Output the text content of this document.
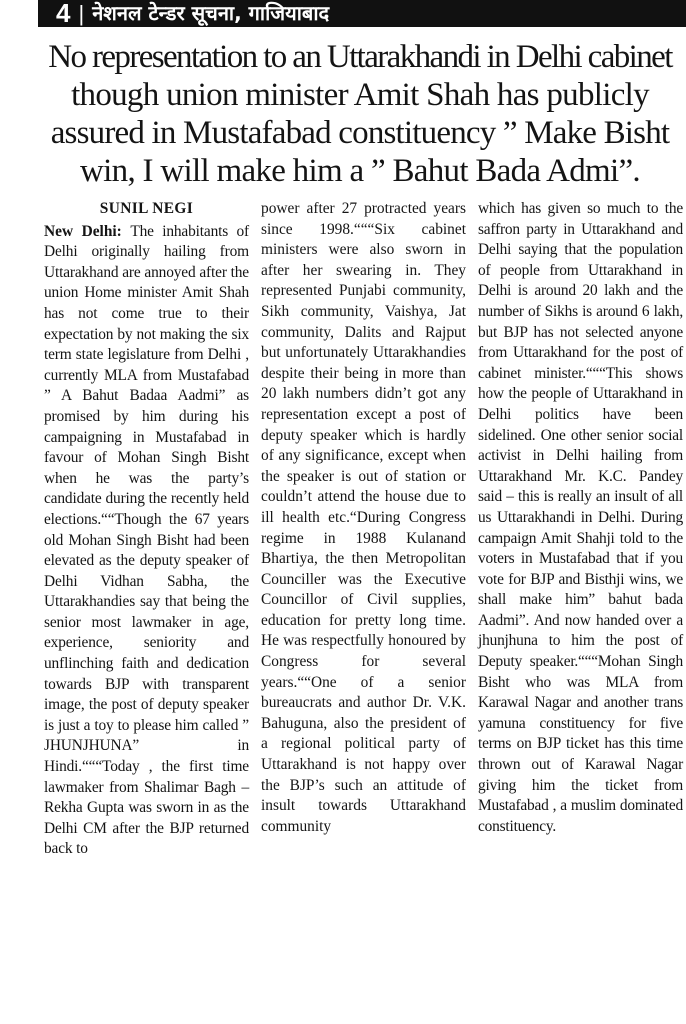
4 | नेशनल टेन्डर सूचना, गाजियाबाद
No representation to an Uttarakhandi in Delhi cabinet
though union minister Amit Shah has publicly
assured in Mustafabad constituency ” Make Bisht
win, I will make him a ” Bahut Bada Admi”.
SUNIL NEGI

New Delhi: The inhabitants of Delhi originally hailing from Uttarakhand are annoyed after the union Home minister Amit Shah has not come true to their expectation by not making the six term state legislature from Delhi , currently MLA from Mustafabad ” A Bahut Badaa Aadmi” as promised by him during his campaigning in Mustafabad in favour of Mohan Singh Bisht when he was the party’s candidate during the recently held elections.““Though the 67 years old Mohan Singh Bisht had been elevated as the deputy speaker of Delhi Vidhan Sabha, the Uttarakhandies say that being the senior most lawmaker in age, experience, seniority and unflinching faith and dedication towards BJP with transparent image, the post of deputy speaker is just a toy to please him called ” JHUNJHUNA” in Hindi.“““Today , the first time lawmaker from Shalimar Bagh – Rekha Gupta was sworn in as the Delhi CM after the BJP returned back to

power after 27 protracted years since 1998.“““Six cabinet ministers were also sworn in after her swearing in. They represented Punjabi community, Sikh community, Vaishya, Jat community, Dalits and Rajput but unfortunately Uttarakhandies despite their being in more than 20 lakh numbers didn’t got any representation except a post of deputy speaker which is hardly of any significance, except when the speaker is out of station or couldn’t attend the house due to ill health etc.“During Congress regime in 1988 Kulanand Bhartiya, the then Metropolitan Counciller was the Executive Councillor of Civil supplies, education for pretty long time. He was respectfully honoured by Congress for several years.““One of a senior bureaucrats and author Dr. V.K. Bahuguna, also the president of a regional political party of Uttarakhand is not happy over the BJP’s such an attitude of insult towards Uttarakhand community

which has given so much to the saffron party in Uttarakhand and Delhi saying that the population of people from Uttarakhand in Delhi is around 20 lakh and the number of Sikhs is around 6 lakh, but BJP has not selected anyone from Uttarakhand for the post of cabinet minister.“““This shows how the people of Uttarakhand in Delhi politics have been sidelined. One other senior social activist in Delhi hailing from Uttarakhand Mr. K.C. Pandey said – this is really an insult of all us Uttarakhandi in Delhi. During campaign Amit Shahji told to the voters in Mustafabad that if you vote for BJP and Bisthji wins, we shall make him” bahut bada Aadmi”. And now handed over a jhunjhuna to him the post of Deputy speaker.“““Mohan Singh Bisht who was MLA from Karawal Nagar and another trans yamuna constituency for five terms on BJP ticket has this time thrown out of Karawal Nagar giving him the ticket from Mustafabad , a muslim dominated constituency.
